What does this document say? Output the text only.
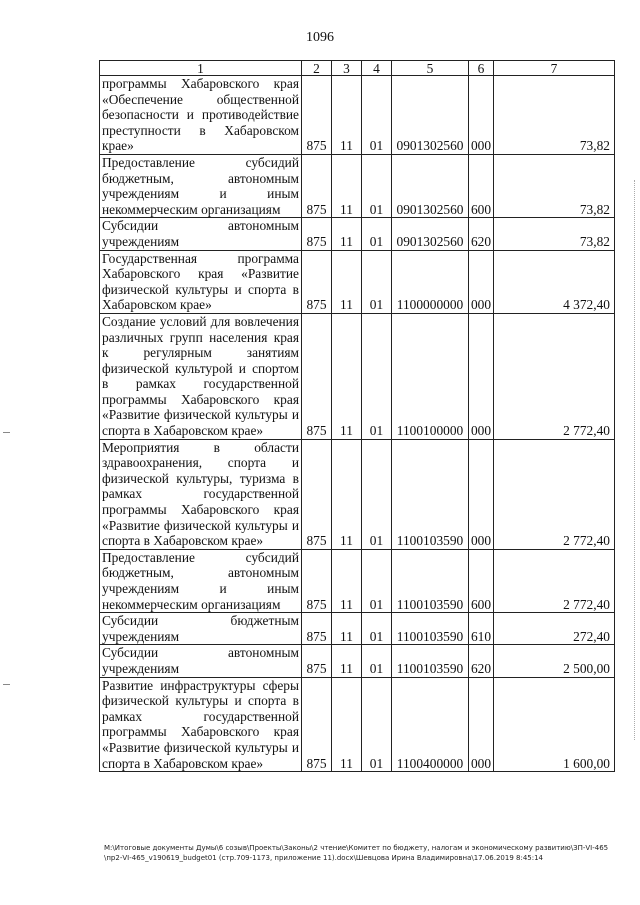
1096
1	2	3	4	5	6	7
программы Хабаровского края «Обеспечение общественной безопасности и противодействие преступности в Хабаровском крае»	875	11	01	0901302560	000	73,82
Предоставление субсидий бюджетным, автономным учреждениям и иным некоммерческим организациям	875	11	01	0901302560	600	73,82
Субсидии автономным учреждениям	875	11	01	0901302560	620	73,82
Государственная программа Хабаровского края «Развитие физической культуры и спорта в Хабаровском крае»	875	11	01	1100000000	000	4 372,40
Создание условий для вовлечения различных групп населения края к регулярным занятиям физической культурой и спортом в рамках государственной программы Хабаровского края «Развитие физической культуры и спорта в Хабаровском крае»	875	11	01	1100100000	000	2 772,40
Мероприятия в области здравоохранения, спорта и физической культуры, туризма в рамках государственной программы Хабаровского края «Развитие физической культуры и спорта в Хабаровском крае»	875	11	01	1100103590	000	2 772,40
Предоставление субсидий бюджетным, автономным учреждениям и иным некоммерческим организациям	875	11	01	1100103590	600	2 772,40
Субсидии бюджетным учреждениям	875	11	01	1100103590	610	272,40
Субсидии автономным учреждениям	875	11	01	1100103590	620	2 500,00
Развитие инфраструктуры сферы физической культуры и спорта в рамках государственной программы Хабаровского края «Развитие физической культуры и спорта в Хабаровском крае»	875	11	01	1100400000	000	1 600,00
М:\Итоговые документы Думы\6 созыв\Проекты\Законы\2 чтение\Комитет по бюджету, налогам и экономическому развитию\ЗП-VI-465\пр2-VI-465_v190619_budget01 (стр.709-1173, приложение 11).docx\Шевцова Ирина Владимировна\17.06.2019 8:45:14
